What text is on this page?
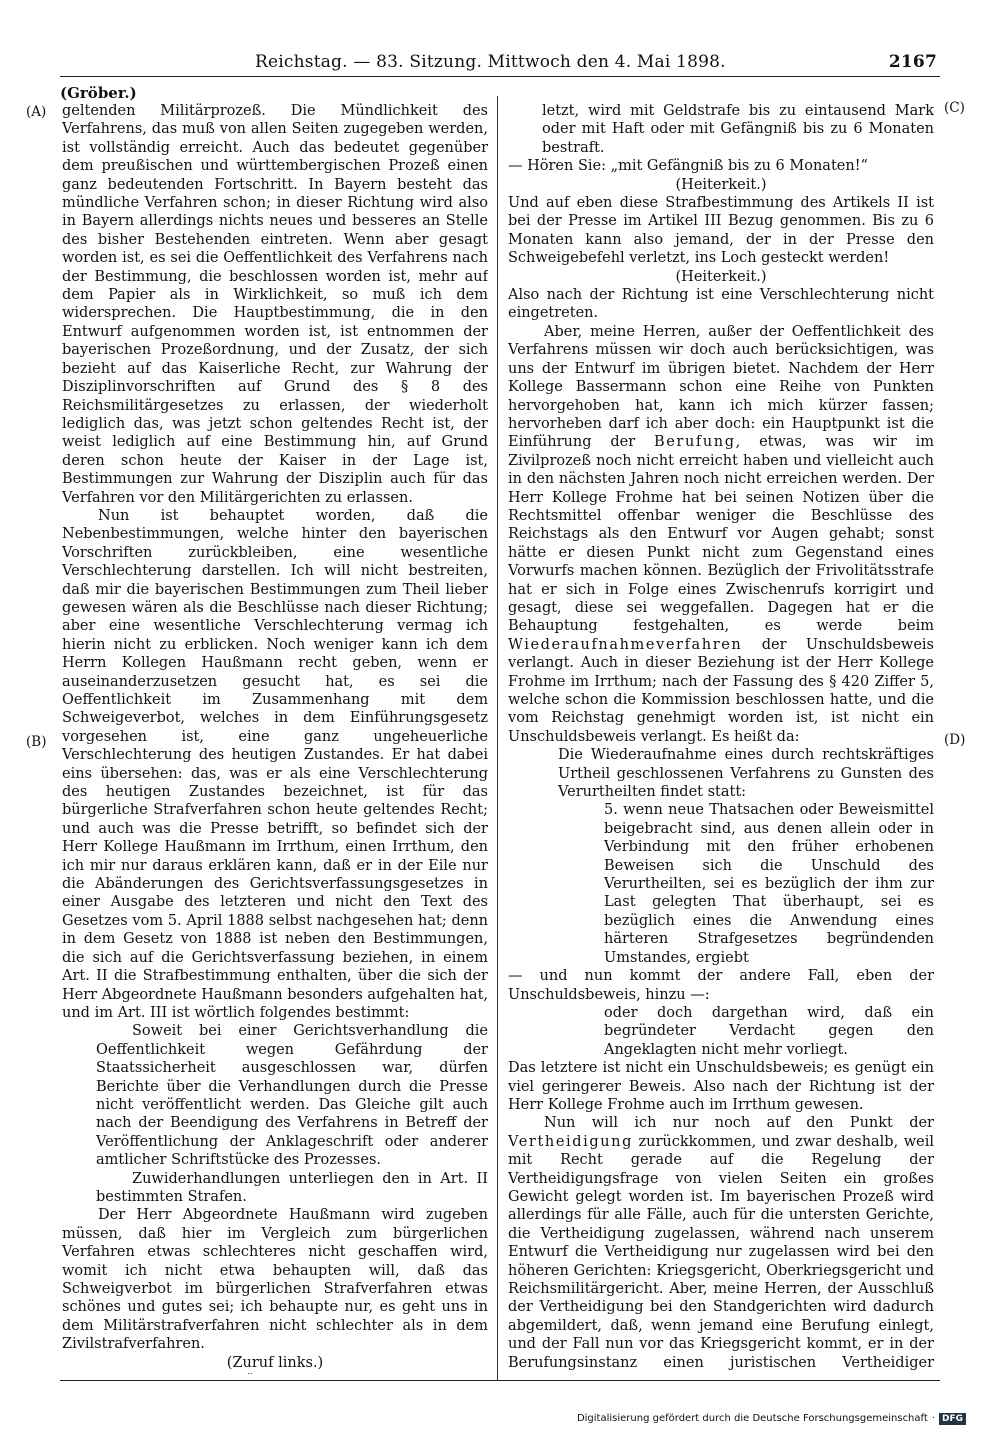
Reichstag. — 83. Sitzung. Mittwoch den 4. Mai 1898.	2167
(Gröber.)
(A)
(B)
(C)
(D)

geltenden Militärprozeß. Die Mündlichkeit des Verfahrens, das muß von allen Seiten zugegeben werden, ist vollständig erreicht. Auch das bedeutet gegenüber dem preußischen und württembergischen Prozeß einen ganz bedeutenden Fortschritt. In Bayern besteht das mündliche Verfahren schon; in dieser Richtung wird also in Bayern allerdings nichts neues und besseres an Stelle des bisher Bestehenden eintreten. Wenn aber gesagt worden ist, es sei die Oeffentlichkeit des Verfahrens nach der Bestimmung, die beschlossen worden ist, mehr auf dem Papier als in Wirklichkeit, so muß ich dem widersprechen. Die Hauptbestimmung, die in den Entwurf aufgenommen worden ist, ist entnommen der bayerischen Prozeßordnung, und der Zusatz, der sich bezieht auf das Kaiserliche Recht, zur Wahrung der Disziplinvorschriften auf Grund des § 8 des Reichsmilitärgesetzes zu erlassen, der wiederholt lediglich das, was jetzt schon geltendes Recht ist, der weist lediglich auf eine Bestimmung hin, auf Grund deren schon heute der Kaiser in der Lage ist, Bestimmungen zur Wahrung der Disziplin auch für das Verfahren vor den Militärgerichten zu erlassen.

Nun ist behauptet worden, daß die Nebenbestimmungen, welche hinter den bayerischen Vorschriften zurückbleiben, eine wesentliche Verschlechterung darstellen. Ich will nicht bestreiten, daß mir die bayerischen Bestimmungen zum Theil lieber gewesen wären als die Beschlüsse nach dieser Richtung; aber eine wesentliche Verschlechterung vermag ich hierin nicht zu erblicken. Noch weniger kann ich dem Herrn Kollegen Haußmann recht geben, wenn er auseinanderzusetzen gesucht hat, es sei die Oeffentlichkeit im Zusammenhang mit dem Schweigeverbot, welches in dem Einführungsgesetz vorgesehen ist, eine ganz ungeheuerliche Verschlechterung des heutigen Zustandes. Er hat dabei eins übersehen: das, was er als eine Verschlechterung des heutigen Zustandes bezeichnet, ist für das bürgerliche Strafverfahren schon heute geltendes Recht; und auch was die Presse betrifft, so befindet sich der Herr Kollege Haußmann im Irrthum, einen Irrthum, den ich mir nur daraus erklären kann, daß er in der Eile nur die Abänderungen des Gerichtsverfassungsgesetzes in einer Ausgabe des letzteren und nicht den Text des Gesetzes vom 5. April 1888 selbst nachgesehen hat; denn in dem Gesetz von 1888 ist neben den Bestimmungen, die sich auf die Gerichtsverfassung beziehen, in einem Art. II die Strafbestimmung enthalten, über die sich der Herr Abgeordnete Haußmann besonders aufgehalten hat, und im Art. III ist wörtlich folgendes bestimmt:

Soweit bei einer Gerichtsverhandlung die Oeffentlichkeit wegen Gefährdung der Staatssicherheit ausgeschlossen war, dürfen Berichte über die Verhandlungen durch die Presse nicht veröffentlicht werden. Das Gleiche gilt auch nach der Beendigung des Verfahrens in Betreff der Veröffentlichung der Anklageschrift oder anderer amtlicher Schriftstücke des Prozesses.

Zuwiderhandlungen unterliegen den in Art. II bestimmten Strafen.

Der Herr Abgeordnete Haußmann wird zugeben müssen, daß hier im Vergleich zum bürgerlichen Verfahren etwas schlechteres nicht geschaffen wird, womit ich nicht etwa behaupten will, daß das Schweigverbot im bürgerlichen Strafverfahren etwas schönes und gutes sei; ich behaupte nur, es geht uns in dem Militärstrafverfahren nicht schlechter als in dem Zivilstrafverfahren.

(Zuruf links.)

letzt, wird mit Geldstrafe bis zu eintausend Mark oder mit Haft oder mit Gefängniß bis zu 6 Monaten bestraft.

— Hören Sie: „mit Gefängniß bis zu 6 Monaten!“

(Heiterkeit.)

Und auf eben diese Strafbestimmung des Artikels II ist bei der Presse im Artikel III Bezug genommen. Bis zu 6 Monaten kann also jemand, der in der Presse den Schweigebefehl verletzt, ins Loch gesteckt werden!

(Heiterkeit.)

Also nach der Richtung ist eine Verschlechterung nicht eingetreten.

Aber, meine Herren, außer der Oeffentlichkeit des Verfahrens müssen wir doch auch berücksichtigen, was uns der Entwurf im übrigen bietet. Nachdem der Herr Kollege Bassermann schon eine Reihe von Punkten hervorgehoben hat, kann ich mich kürzer fassen; hervorheben darf ich aber doch: ein Hauptpunkt ist die Einführung der Berufung, etwas, was wir im Zivilprozeß noch nicht erreicht haben und vielleicht auch in den nächsten Jahren noch nicht erreichen werden. Der Herr Kollege Frohme hat bei seinen Notizen über die Rechtsmittel offenbar weniger die Beschlüsse des Reichstags als den Entwurf vor Augen gehabt; sonst hätte er diesen Punkt nicht zum Gegenstand eines Vorwurfs machen können. Bezüglich der Frivolitätsstrafe hat er sich in Folge eines Zwischenrufs korrigirt und gesagt, diese sei weggefallen. Dagegen hat er die Behauptung festgehalten, es werde beim Wiederaufnahmeverfahren der Unschuldsbeweis verlangt. Auch in dieser Beziehung ist der Herr Kollege Frohme im Irrthum; nach der Fassung des § 420 Ziffer 5, welche schon die Kommission beschlossen hatte, und die vom Reichstag genehmigt worden ist, ist nicht ein Unschuldsbeweis verlangt. Es heißt da:

Die Wiederaufnahme eines durch rechtskräftiges Urtheil geschlossenen Verfahrens zu Gunsten des Verurtheilten findet statt:

5. wenn neue Thatsachen oder Beweismittel beigebracht sind, aus denen allein oder in Verbindung mit den früher erhobenen Beweisen sich die Unschuld des Verurtheilten, sei es bezüglich der ihm zur Last gelegten That überhaupt, sei es bezüglich eines die Anwendung eines härteren Strafgesetzes begründenden Umstandes, ergiebt

— und nun kommt der andere Fall, eben der Unschuldsbeweis, hinzu —:

oder doch dargethan wird, daß ein begründeter Verdacht gegen den Angeklagten nicht mehr vorliegt.

Das letztere ist nicht ein Unschuldsbeweis; es genügt ein viel geringerer Beweis. Also nach der Richtung ist der Herr Kollege Frohme auch im Irrthum gewesen.

Nun will ich nur noch auf den Punkt der Vertheidigung zurückkommen, und zwar deshalb, weil mit Recht gerade auf die Regelung der Vertheidigungsfrage von vielen Seiten ein großes Gewicht gelegt worden ist. Im bayerischen Prozeß wird allerdings für alle Fälle, auch für die untersten Gerichte, die Vertheidigung zugelassen, während nach unserem Entwurf die Vertheidigung nur zugelassen wird bei den höheren Gerichten: Kriegsgericht, Oberkriegsgericht und Reichsmilitärgericht. Aber, meine Herren, der Ausschluß der Vertheidigung bei den Standgerichten wird dadurch abgemildert, daß, wenn jemand eine Berufung einlegt, und der Fall nun vor das Kriegsgericht kommt, er in der Berufungsinstanz einen juristischen Vertheidiger

Digitalisierung gefördert durch die Deutsche Forschungsgemeinschaft · DFG
